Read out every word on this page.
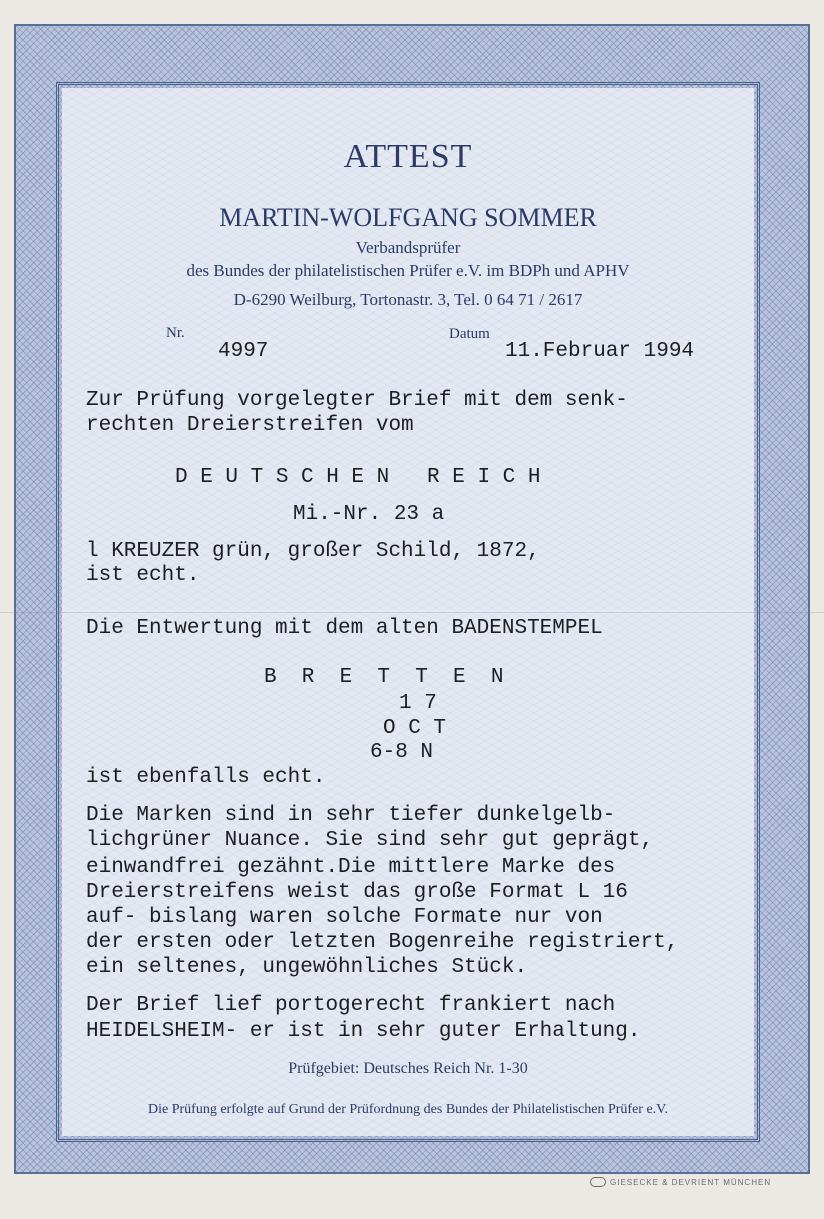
ATTEST
MARTIN-WOLFGANG SOMMER
Verbandsprüfer
des Bundes der philatelistischen Prüfer e.V. im BDPh und APHV
D-6290 Weilburg, Tortonastr. 3, Tel. 0 64 71 / 2617
Nr.
4997
Datum
11.Februar 1994
Zur Prüfung vorgelegter Brief mit dem senk-
rechten Dreierstreifen vom
D E U T S C H E N   R E I C H
Mi.-Nr. 23 a
l KREUZER grün, großer Schild, 1872,
ist echt.
Die Entwertung mit dem alten BADENSTEMPEL
B  R  E  T  T  E  N
1 7
O C T
6-8 N
ist ebenfalls echt.
Die Marken sind in sehr tiefer dunkelgelb-
lichgrüner Nuance. Sie sind sehr gut geprägt,
einwandfrei gezähnt.Die mittlere Marke des
Dreierstreifens weist das große Format L 16
auf- bislang waren solche Formate nur von
der ersten oder letzten Bogenreihe registriert,
ein seltenes, ungewöhnliches Stück.
Der Brief lief portogerecht frankiert nach
HEIDELSHEIM- er ist in sehr guter Erhaltung.
Prüfgebiet: Deutsches Reich Nr. 1-30
Die Prüfung erfolgte auf Grund der Prüfordnung des Bundes der Philatelistischen Prüfer e.V.
GIESECKE & DEVRIENT MÜNCHEN
